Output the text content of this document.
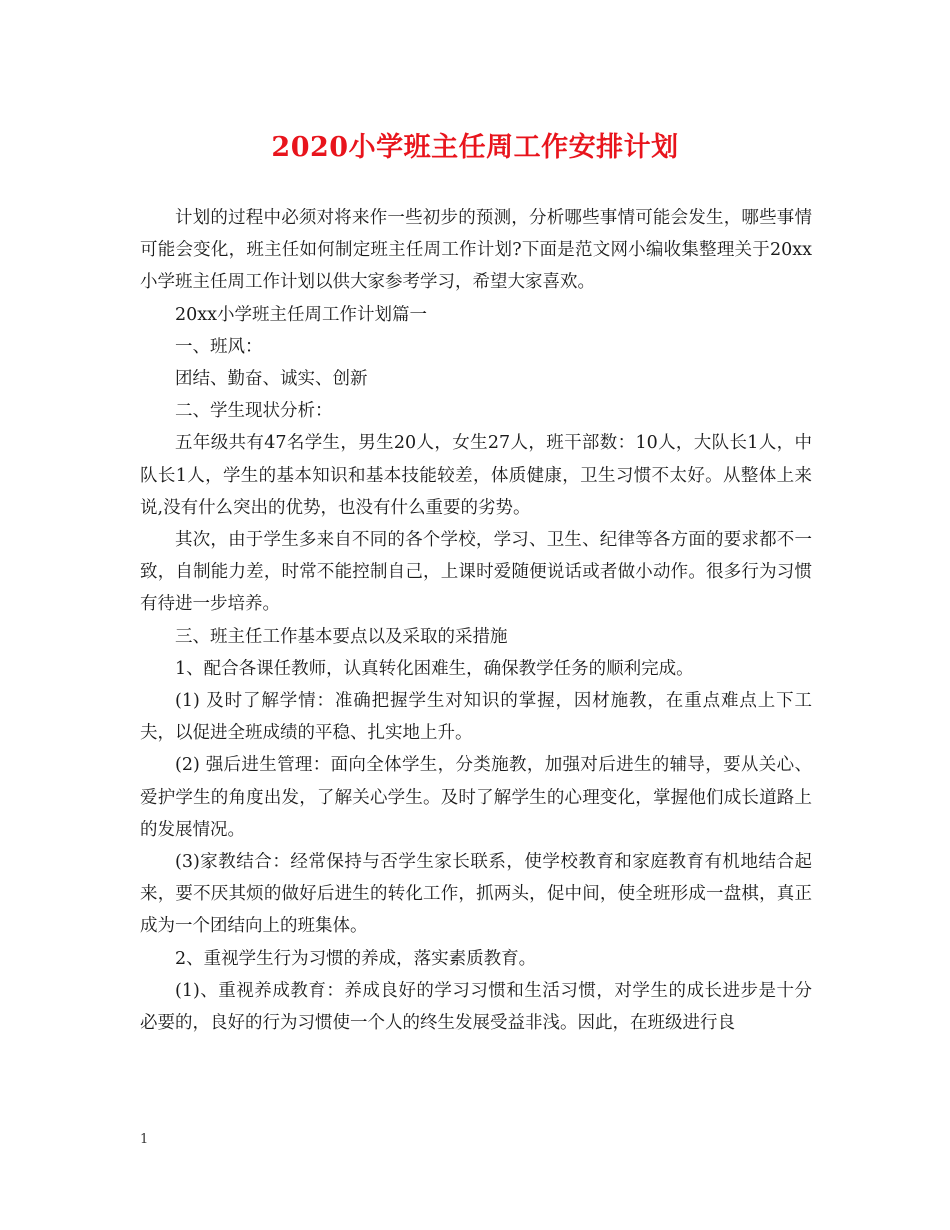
2020小学班主任周工作安排计划

计划的过程中必须对将来作一些初步的预测，分析哪些事情可能会发生，哪些事情可能会变化，班主任如何制定班主任周工作计划?下面是范文网小编收集整理关于20xx小学班主任周工作计划以供大家参考学习，希望大家喜欢。

20xx小学班主任周工作计划篇一

一、班风：

团结、勤奋、诚实、创新

二、学生现状分析：

五年级共有47名学生，男生20人，女生27人，班干部数：10人，大队长1人，中队长1人，学生的基本知识和基本技能较差，体质健康，卫生习惯不太好。从整体上来说,没有什么突出的优势，也没有什么重要的劣势。

其次，由于学生多来自不同的各个学校，学习、卫生、纪律等各方面的要求都不一致，自制能力差，时常不能控制自己，上课时爱随便说话或者做小动作。很多行为习惯有待进一步培养。

三、班主任工作基本要点以及采取的采措施

1、配合各课任教师，认真转化困难生，确保教学任务的顺利完成。

(1) 及时了解学情：准确把握学生对知识的掌握，因材施教，在重点难点上下工夫，以促进全班成绩的平稳、扎实地上升。

(2) 强后进生管理：面向全体学生，分类施教，加强对后进生的辅导，要从关心、爱护学生的角度出发，了解关心学生。及时了解学生的心理变化，掌握他们成长道路上的发展情况。

(3)家教结合：经常保持与否学生家长联系，使学校教育和家庭教育有机地结合起来，要不厌其烦的做好后进生的转化工作，抓两头，促中间，使全班形成一盘棋，真正成为一个团结向上的班集体。

2、重视学生行为习惯的养成，落实素质教育。

(1)、重视养成教育：养成良好的学习习惯和生活习惯，对学生的成长进步是十分必要的，良好的行为习惯使一个人的终生发展受益非浅。因此，在班级进行良

1
